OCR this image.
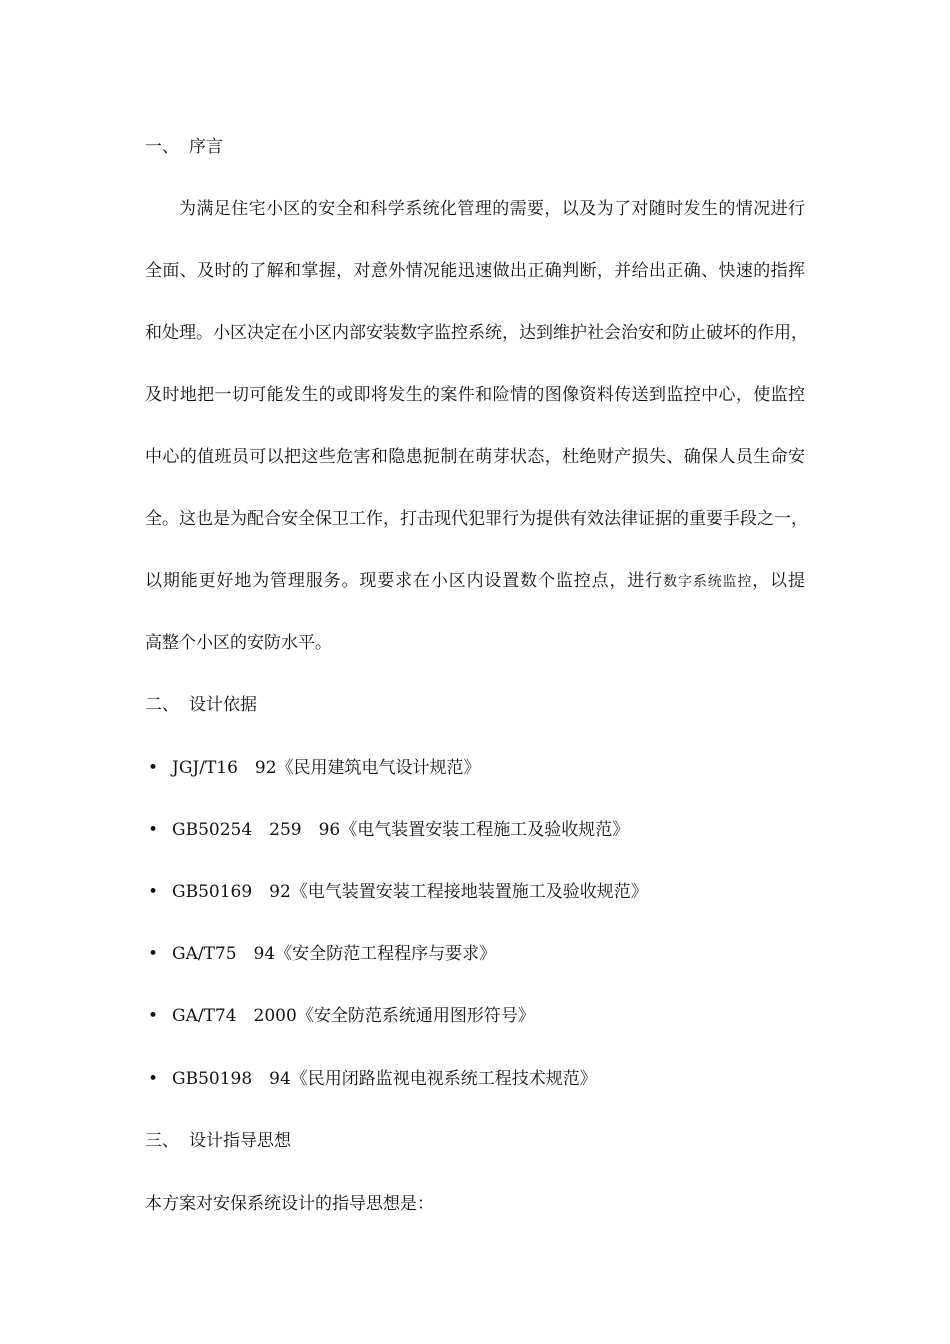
一、 序言
为满足住宅小区的安全和科学系统化管理的需要，以及为了对随时发生的情况进行
全面、及时的了解和掌握，对意外情况能迅速做出正确判断，并给出正确、快速的指挥
和处理。小区决定在小区内部安装数字监控系统，达到维护社会治安和防止破坏的作用，
及时地把一切可能发生的或即将发生的案件和险情的图像资料传送到监控中心，使监控
中心的值班员可以把这些危害和隐患扼制在萌芽状态，杜绝财产损失、确保人员生命安
全。这也是为配合安全保卫工作，打击现代犯罪行为提供有效法律证据的重要手段之一，
以期能更好地为管理服务。现要求在小区内设置数个监控点，进行数字系统监控，以提
高整个小区的安防水平。
二、 设计依据
• JGJ/T16　92《民用建筑电气设计规范》
• GB50254　259　96《电气装置安装工程施工及验收规范》
• GB50169　92《电气装置安装工程接地装置施工及验收规范》
• GA/T75　94《安全防范工程程序与要求》
• GA/T74　2000《安全防范系统通用图形符号》
• GB50198　94《民用闭路监视电视系统工程技术规范》
三、 设计指导思想
本方案对安保系统设计的指导思想是：
